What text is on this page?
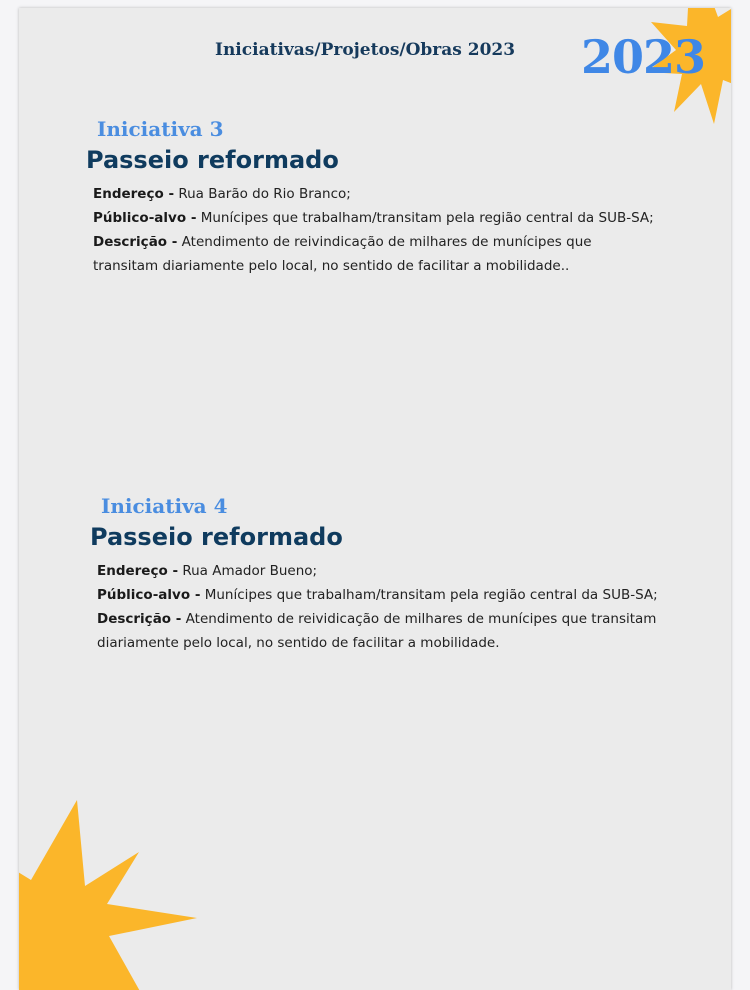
Iniciativas/Projetos/Obras 2023 2023
Iniciativa 3
Passeio reformado
Endereço - Rua Barão do Rio Branco;
Público-alvo - Munícipes que trabalham/transitam pela região central da SUB-SA;
Descrição - Atendimento de reivindicação de milhares de munícipes que transitam diariamente pelo local, no sentido de facilitar a mobilidade..
Iniciativa 4
Passeio reformado
Endereço - Rua Amador Bueno;
Público-alvo - Munícipes que trabalham/transitam pela região central da SUB-SA;
Descrição - Atendimento de reividicação de milhares de munícipes que transitam diariamente pelo local, no sentido de facilitar a mobilidade.
